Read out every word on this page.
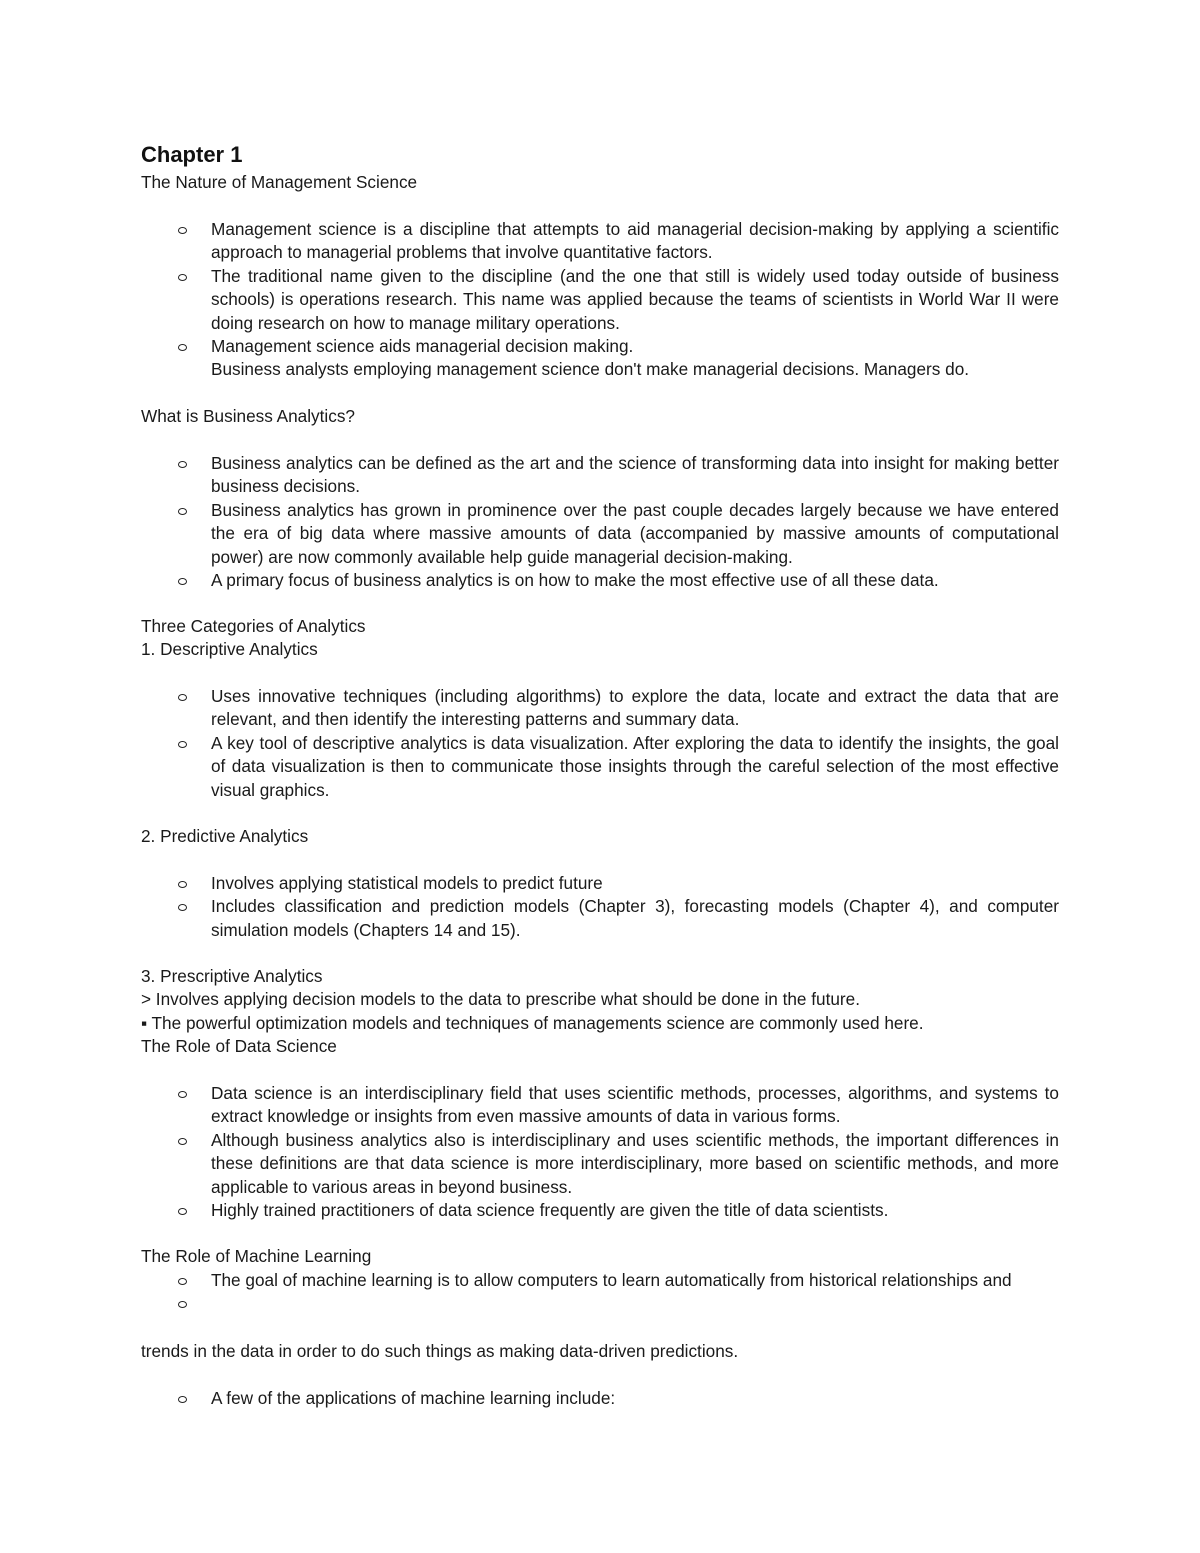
Chapter 1
The Nature of Management Science
Management science is a discipline that attempts to aid managerial decision-making by applying a scientific approach to managerial problems that involve quantitative factors.
The traditional name given to the discipline (and the one that still is widely used today outside of business schools) is operations research. This name was applied because the teams of scientists in World War II were doing research on how to manage military operations.
Management science aids managerial decision making.
Business analysts employing management science don't make managerial decisions. Managers do.
What is Business Analytics?
Business analytics can be defined as the art and the science of transforming data into insight for making better business decisions.
Business analytics has grown in prominence over the past couple decades largely because we have entered the era of big data where massive amounts of data (accompanied by massive amounts of computational power) are now commonly available help guide managerial decision-making.
A primary focus of business analytics is on how to make the most effective use of all these data.
Three Categories of Analytics
1. Descriptive Analytics
Uses innovative techniques (including algorithms) to explore the data, locate and extract the data that are relevant, and then identify the interesting patterns and summary data.
A key tool of descriptive analytics is data visualization. After exploring the data to identify the insights, the goal of data visualization is then to communicate those insights through the careful selection of the most effective visual graphics.
2. Predictive Analytics
Involves applying statistical models to predict future
Includes classification and prediction models (Chapter 3), forecasting models (Chapter 4), and computer simulation models (Chapters 14 and 15).
3. Prescriptive Analytics
> Involves applying decision models to the data to prescribe what should be done in the future.
▪ The powerful optimization models and techniques of managements science are commonly used here.
The Role of Data Science
Data science is an interdisciplinary field that uses scientific methods, processes, algorithms, and systems to extract knowledge or insights from even massive amounts of data in various forms.
Although business analytics also is interdisciplinary and uses scientific methods, the important differences in these definitions are that data science is more interdisciplinary, more based on scientific methods, and more applicable to various areas in beyond business.
Highly trained practitioners of data science frequently are given the title of data scientists.
The Role of Machine Learning
The goal of machine learning is to allow computers to learn automatically from historical relationships and
trends in the data in order to do such things as making data-driven predictions.
A few of the applications of machine learning include:
